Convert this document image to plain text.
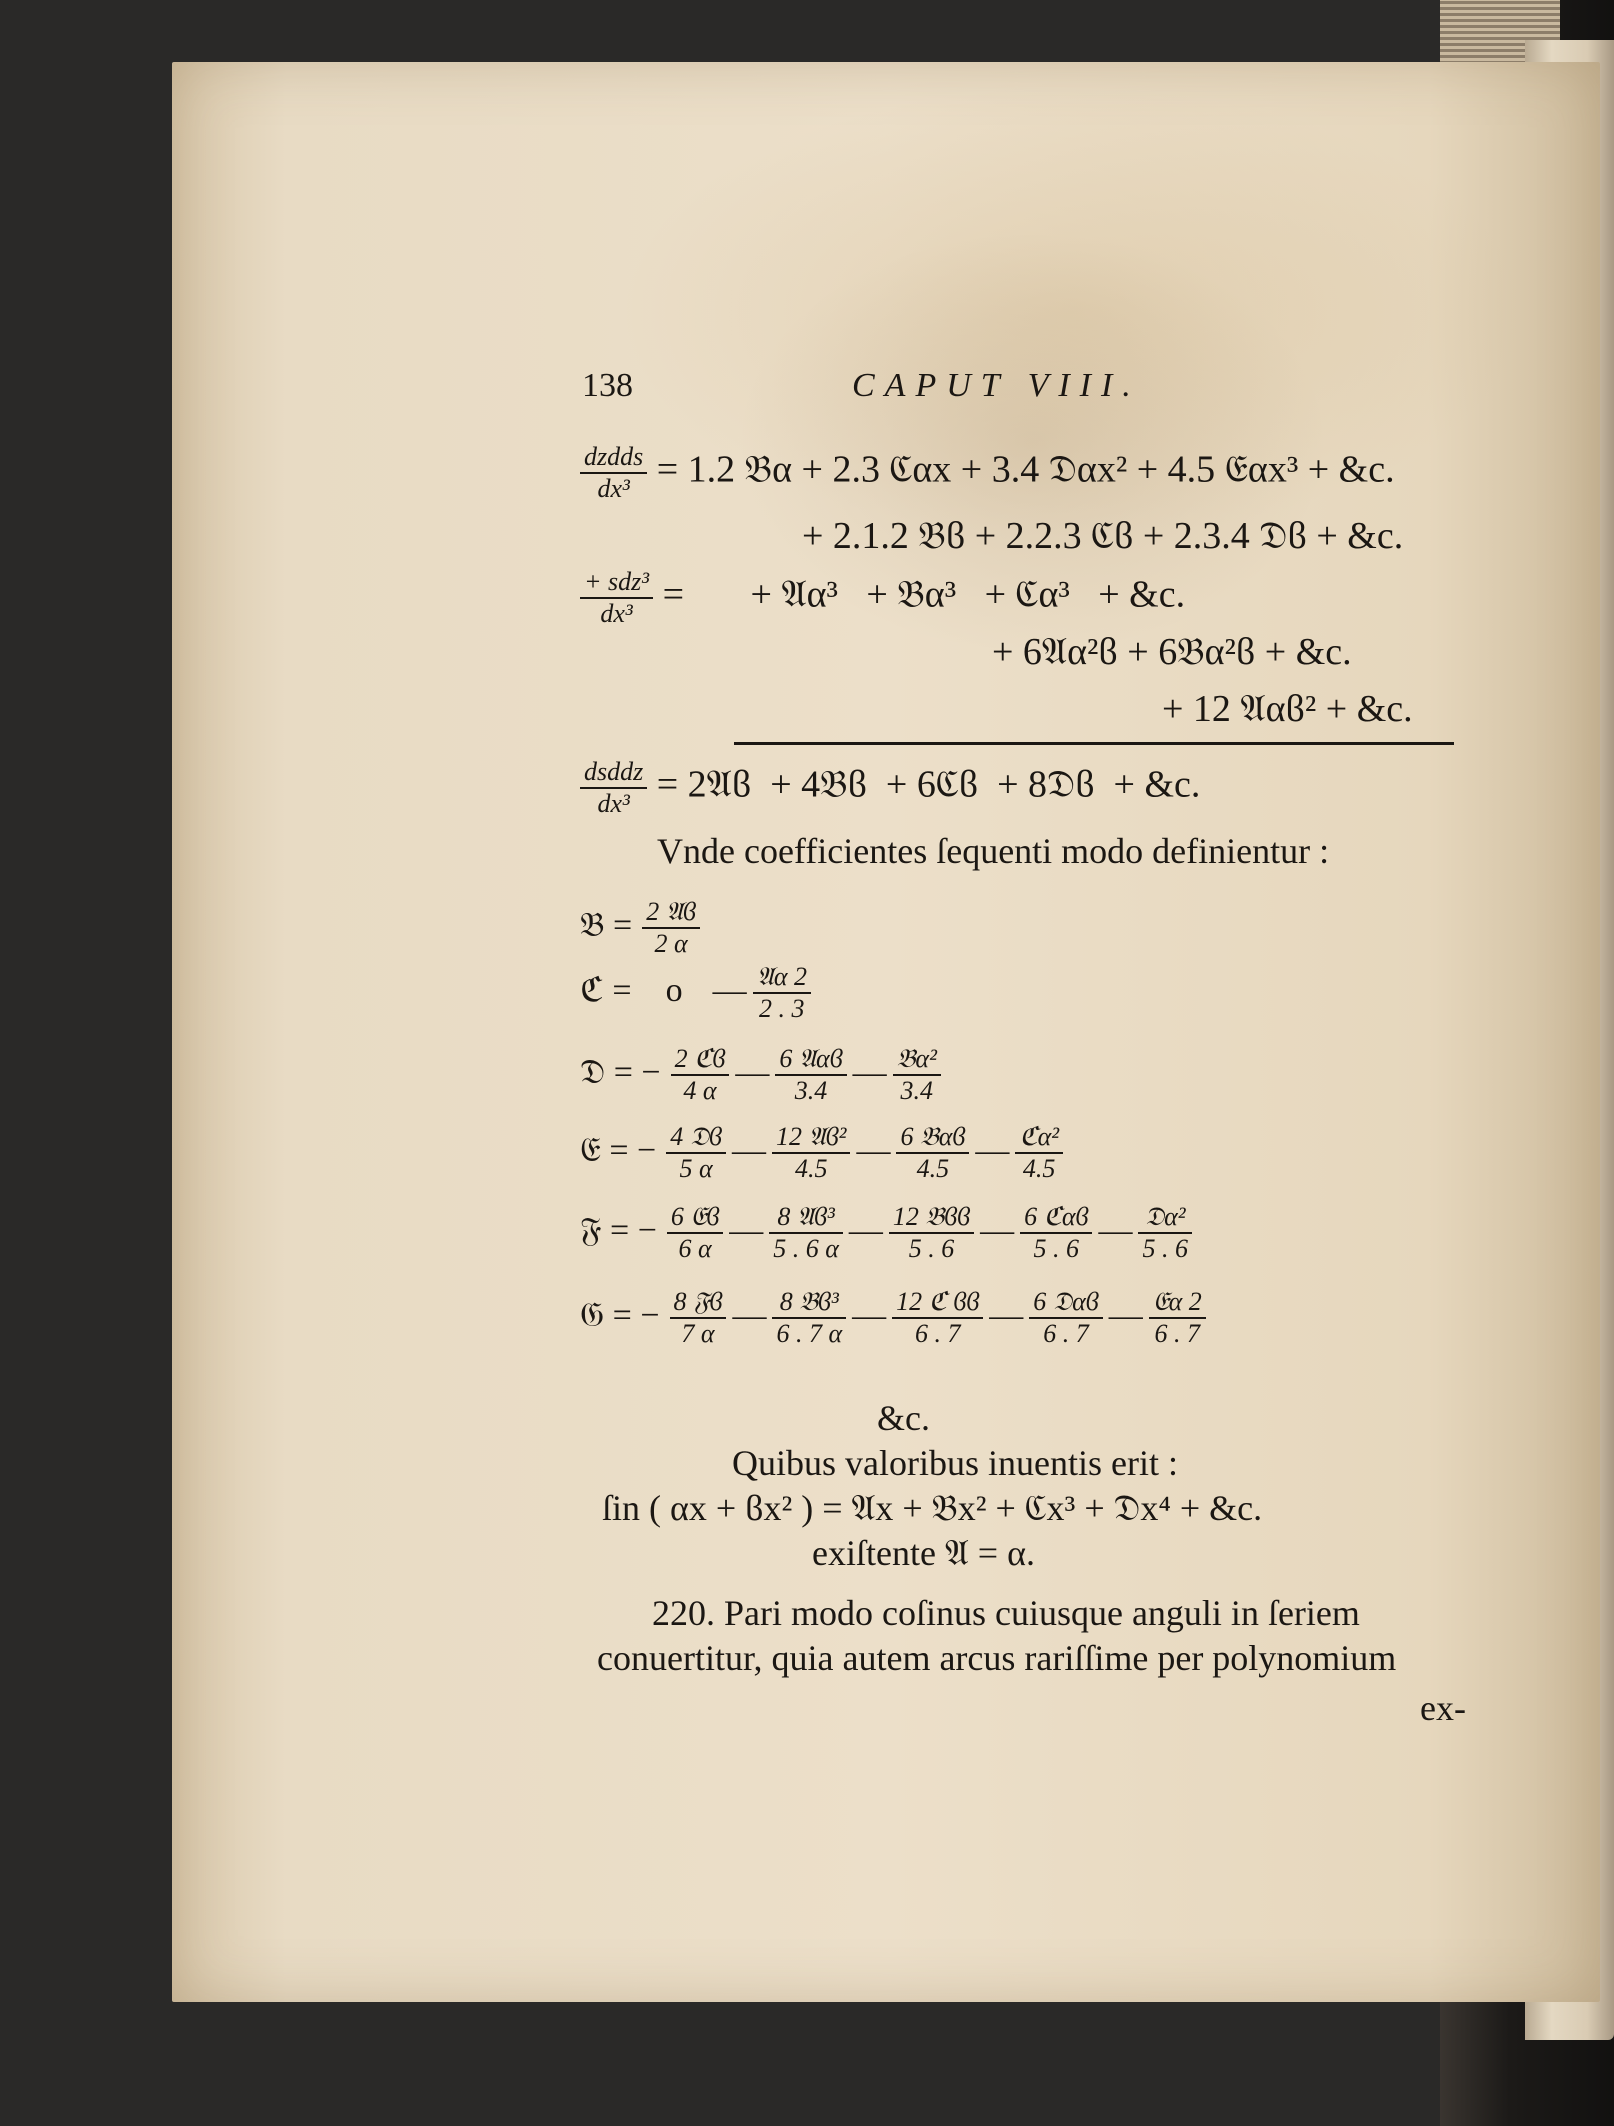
138	CAPUT VIII.
$\frac{\text{dzdds}}{\text{dx³}} = 1.2$ 𝔅α + 2.3 ℭαx + 3.4 𝔇αx² + 4.5 𝔈αx³ + &c.
+ 2.1.2 𝔅ϐ + 2.2.3 ℭϐ + 2.3.4 𝔇ϐ + &c.
$\frac{\text{+ sdz³}}{\text{dx³}}$ =       + 𝔄α³   + 𝔅α³   + ℭα³   + &c.
+ 6𝔄α²ϐ + 6𝔅α²ϐ + &c.
+ 12 𝔄αϐ² + &c.
$\frac{\text{dsddz}}{\text{dx³}}$ = 2𝔄ϐ  + 4𝔅ϐ  + 6ℭϐ  + 8𝔇ϐ  + &c.
Vnde coefficientes ſequenti modo definientur :
𝔅 = $\frac{\text{2 𝔄ϐ}}{2 \alpha}$
ℭ = o — $\frac{\text{𝔄α 2}}{2 . 3}$
𝔇 = − $\frac{\text{2 ℭϐ}}{4 \alpha}$ — $\frac{\text{6 𝔄αϐ}}{3.4}$ — $\frac{\text{𝔅α²}}{3.4}$
𝔈 = − $\frac{\text{4 𝔇ϐ}}{5 \alpha}$ — $\frac{\text{12 𝔄ϐ²}}{4.5}$ — $\frac{\text{6 𝔅αϐ}}{4.5}$ — $\frac{\text{ℭα²}}{4.5}$
𝔉 = − $\frac{\text{6 𝔈ϐ}}{6 \alpha}$ — $\frac{\text{8 𝔄ϐ³}}{5 . 6 \alpha}$ — $\frac{\text{12 𝔅ϐϐ}}{5 . 6}$ — $\frac{\text{6 ℭαϐ}}{5 . 6}$ — $\frac{\text{𝔇α²}}{5 . 6}$
𝔊 = − $\frac{\text{8 𝔉ϐ}}{7 \alpha}$ — $\frac{\text{8 𝔅ϐ³}}{6 . 7 \alpha}$ — $\frac{\text{12 ℭ ϐϐ}}{6 . 7}$ — $\frac{\text{6 𝔇αϐ}}{6 . 7}$ — $\frac{\text{𝔈α 2}}{6 . 7}$
&c.
Quibus valoribus inuentis erit :
ſin ( αx + ϐx² ) = 𝔄x + 𝔅x² + ℭx³ + 𝔇x⁴ + &c.
exiſtente 𝔄 = α.
220. Pari modo coſinus cuiusque anguli in ſeriem
conuertitur, quia autem arcus rariſſime per polynomium
ex-
